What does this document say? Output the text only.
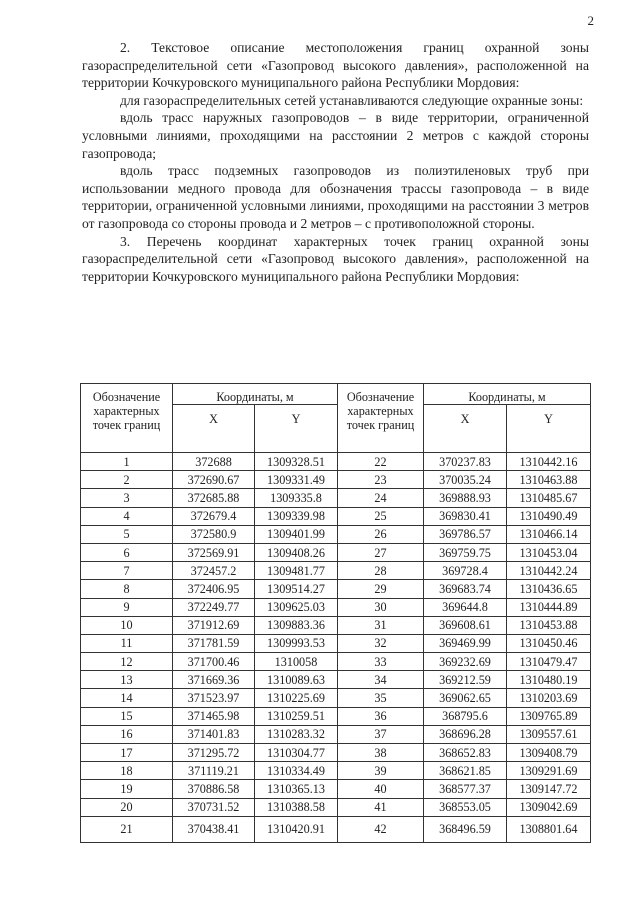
2

2. Текстовое описание местоположения границ охранной зоны газораспределительной сети «Газопровод высокого давления», расположенной на территории Кочкуровского муниципального района Республики Мордовия:

для газораспределительных сетей устанавливаются следующие охранные зоны:

вдоль трасс наружных газопроводов – в виде территории, ограниченной условными линиями, проходящими на расстоянии 2 метров с каждой стороны газопровода;

вдоль трасс подземных газопроводов из полиэтиленовых труб при использовании медного провода для обозначения трассы газопровода – в виде территории, ограниченной условными линиями, проходящими на расстоянии 3 метров от газопровода со стороны провода и 2 метров – с противоположной стороны.

3. Перечень координат характерных точек границ охранной зоны газораспределительной сети «Газопровод высокого давления», расположенной на территории Кочкуровского муниципального района Республики Мордовия:

Обозначение характерных точек границ	Координаты, м		Обозначение характерных точек границ	Координаты, м	
	X	Y		X	Y
1	372688	1309328.51	22	370237.83	1310442.16
2	372690.67	1309331.49	23	370035.24	1310463.88
3	372685.88	1309335.8	24	369888.93	1310485.67
4	372679.4	1309339.98	25	369830.41	1310490.49
5	372580.9	1309401.99	26	369786.57	1310466.14
6	372569.91	1309408.26	27	369759.75	1310453.04
7	372457.2	1309481.77	28	369728.4	1310442.24
8	372406.95	1309514.27	29	369683.74	1310436.65
9	372249.77	1309625.03	30	369644.8	1310444.89
10	371912.69	1309883.36	31	369608.61	1310453.88
11	371781.59	1309993.53	32	369469.99	1310450.46
12	371700.46	1310058	33	369232.69	1310479.47
13	371669.36	1310089.63	34	369212.59	1310480.19
14	371523.97	1310225.69	35	369062.65	1310203.69
15	371465.98	1310259.51	36	368795.6	1309765.89
16	371401.83	1310283.32	37	368696.28	1309557.61
17	371295.72	1310304.77	38	368652.83	1309408.79
18	371119.21	1310334.49	39	368621.85	1309291.69
19	370886.58	1310365.13	40	368577.37	1309147.72
20	370731.52	1310388.58	41	368553.05	1309042.69
21	370438.41	1310420.91	42	368496.59	1308801.64
